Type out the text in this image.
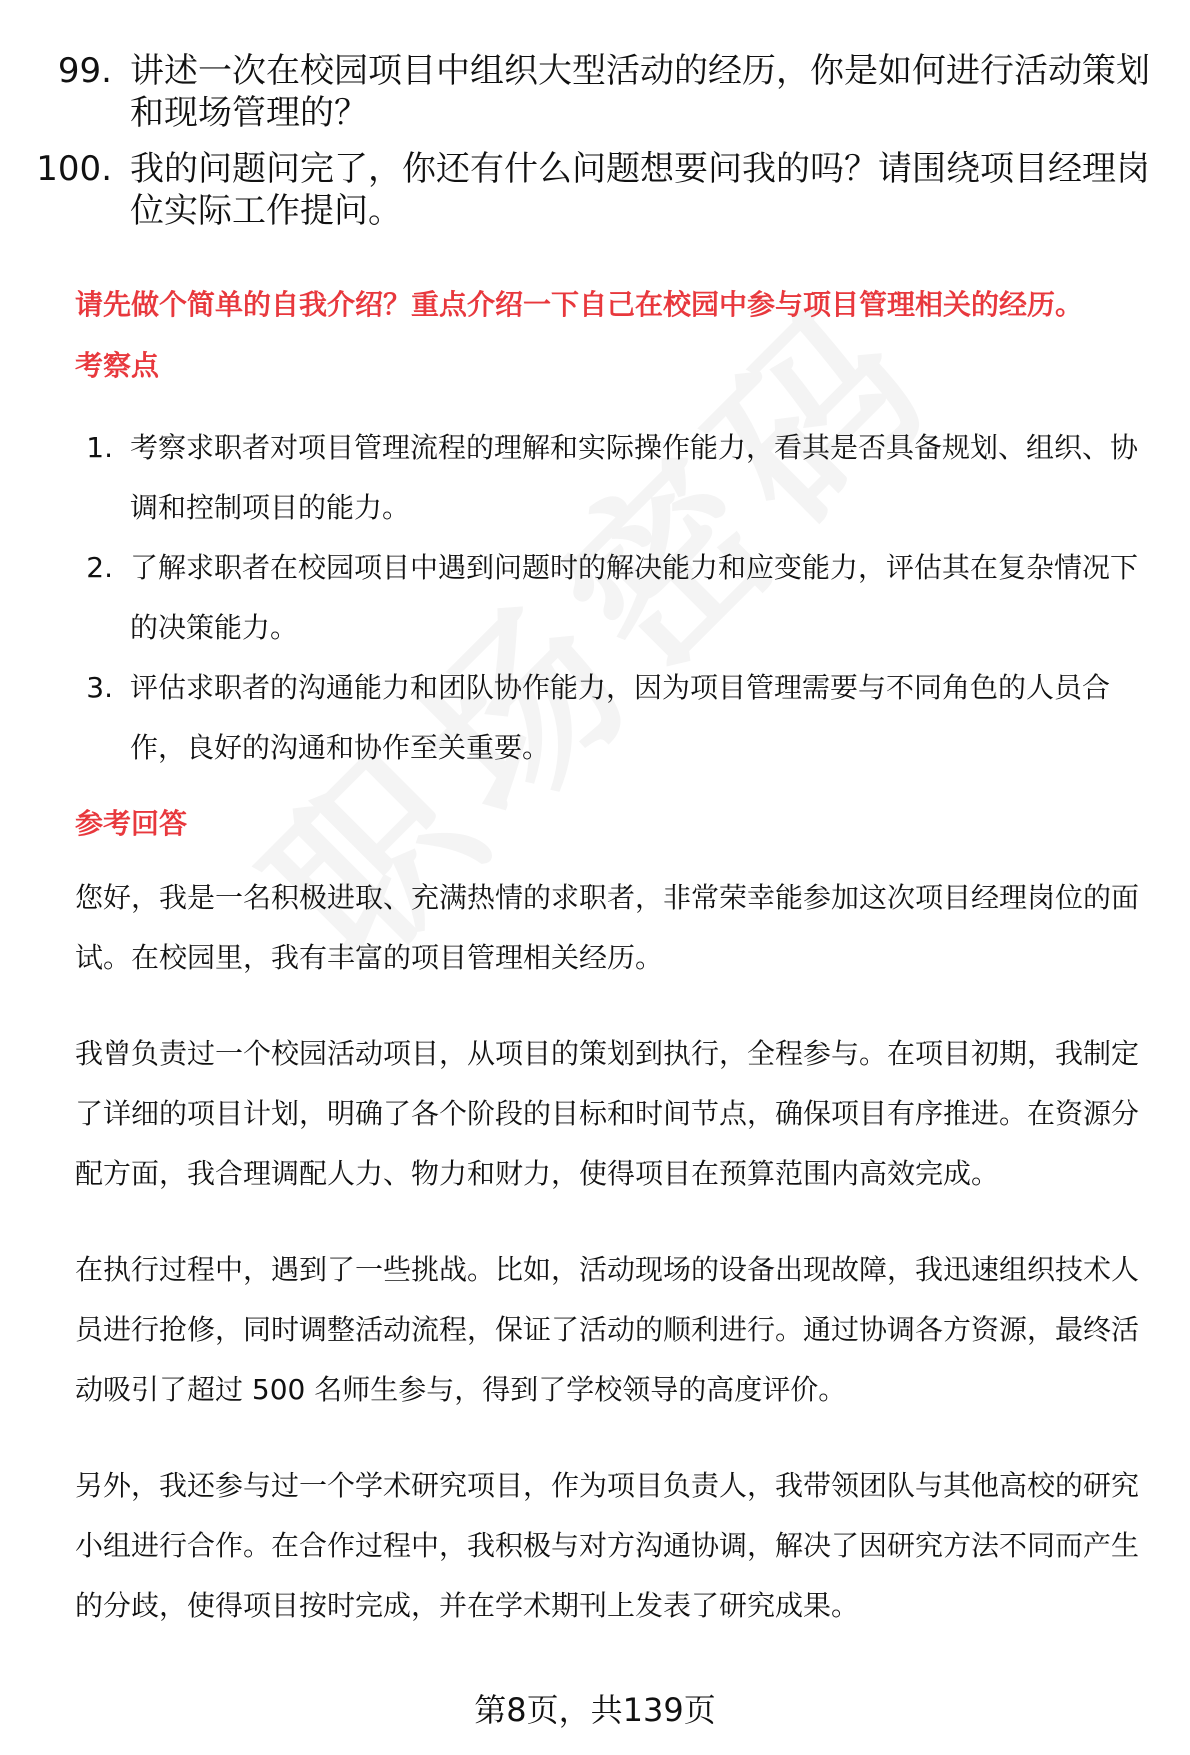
99. 讲述一次在校园项目中组织大型活动的经历，你是如何进行活动策划和现场管理的？
100. 我的问题问完了，你还有什么问题想要问我的吗？请围绕项目经理岗位实际工作提问。
请先做个简单的自我介绍？重点介绍一下自己在校园中参与项目管理相关的经历。
考察点
1. 考察求职者对项目管理流程的理解和实际操作能力，看其是否具备规划、组织、协调和控制项目的能力。
2. 了解求职者在校园项目中遇到问题时的解决能力和应变能力，评估其在复杂情况下的决策能力。
3. 评估求职者的沟通能力和团队协作能力，因为项目管理需要与不同角色的人员合作，良好的沟通和协作至关重要。
参考回答

您好，我是一名积极进取、充满热情的求职者，非常荣幸能参加这次项目经理岗位的面试。在校园里，我有丰富的项目管理相关经历。

我曾负责过一个校园活动项目，从项目的策划到执行，全程参与。在项目初期，我制定了详细的项目计划，明确了各个阶段的目标和时间节点，确保项目有序推进。在资源分配方面，我合理调配人力、物力和财力，使得项目在预算范围内高效完成。

在执行过程中，遇到了一些挑战。比如，活动现场的设备出现故障，我迅速组织技术人员进行抢修，同时调整活动流程，保证了活动的顺利进行。通过协调各方资源，最终活动吸引了超过 500 名师生参与，得到了学校领导的高度评价。

另外，我还参与过一个学术研究项目，作为项目负责人，我带领团队与其他高校的研究小组进行合作。在合作过程中，我积极与对方沟通协调，解决了因研究方法不同而产生的分歧，使得项目按时完成，并在学术期刊上发表了研究成果。

第8页，共139页
